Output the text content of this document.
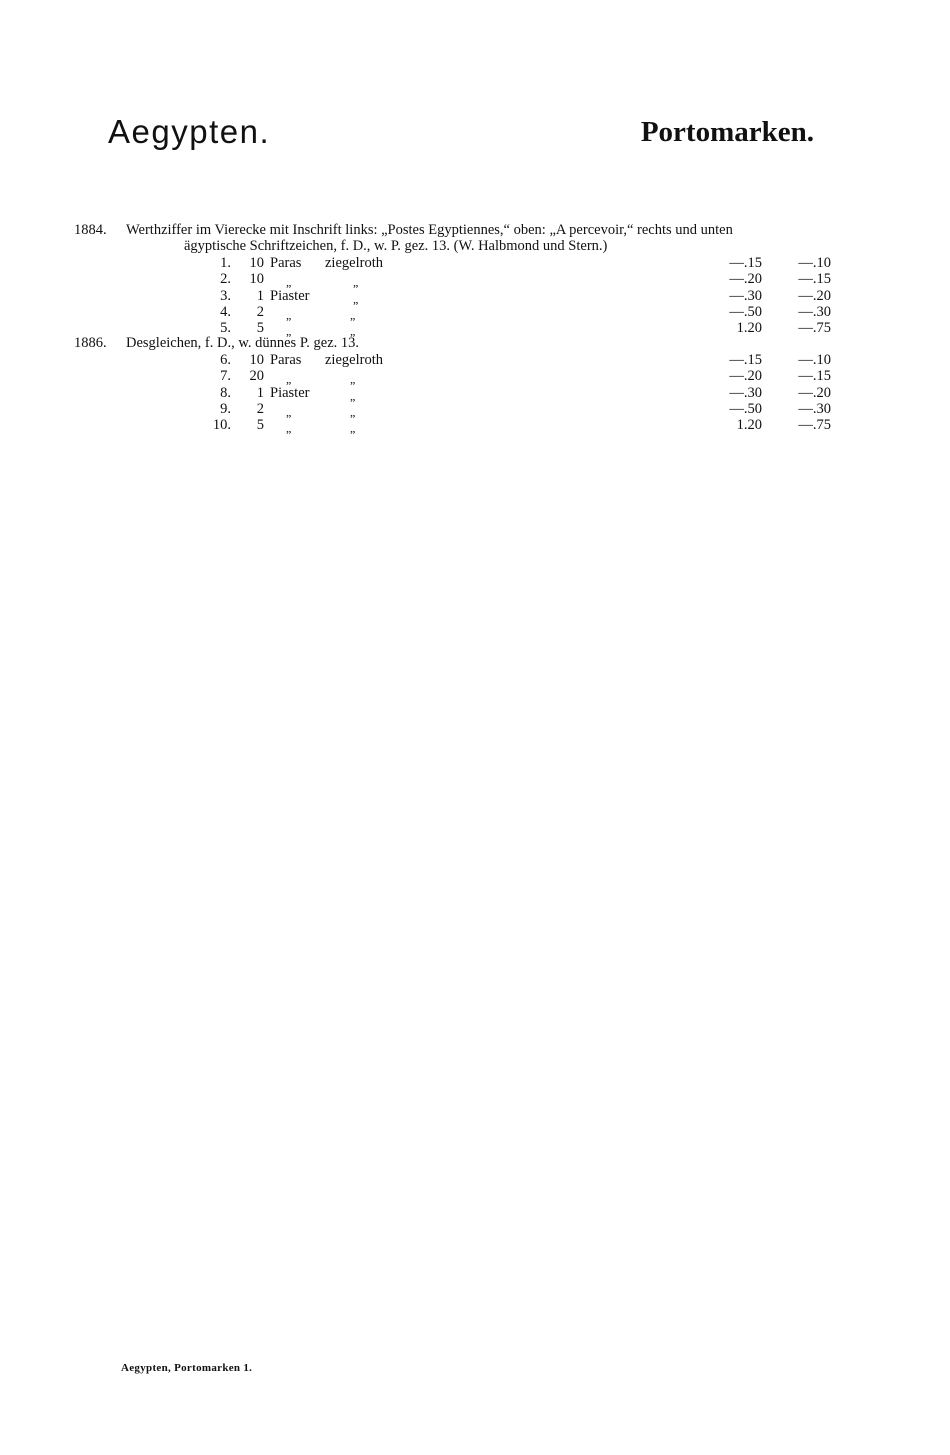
Aegypten.	Portomarken.
1884. Werthziffer im Vierecke mit Inschrift links: „Postes Egyptiennes,“ oben: „A percevoir,“ rechts und unten
ägyptische Schriftzeichen, f. D., w. P. gez. 13. (W. Halbmond und Stern.)
1.	10 Paras ziegelroth	—.15	—.10
2.	10 „	„	—.20	—.15
3.	1 Piaster	„	—.30	—.20
4.	2 „	„	—.50	—.30
5.	5 „	„	1.20	—.75
1886. Desgleichen, f. D., w. dünnes P. gez. 13.
6.	10 Paras ziegelroth	—.15	—.10
7.	20 „	„	—.20	—.15
8.	1 Piaster	„	—.30	—.20
9.	2 „	„	—.50	—.30
10.	5 „	„	1.20	—.75
Aegypten, Portomarken 1.
